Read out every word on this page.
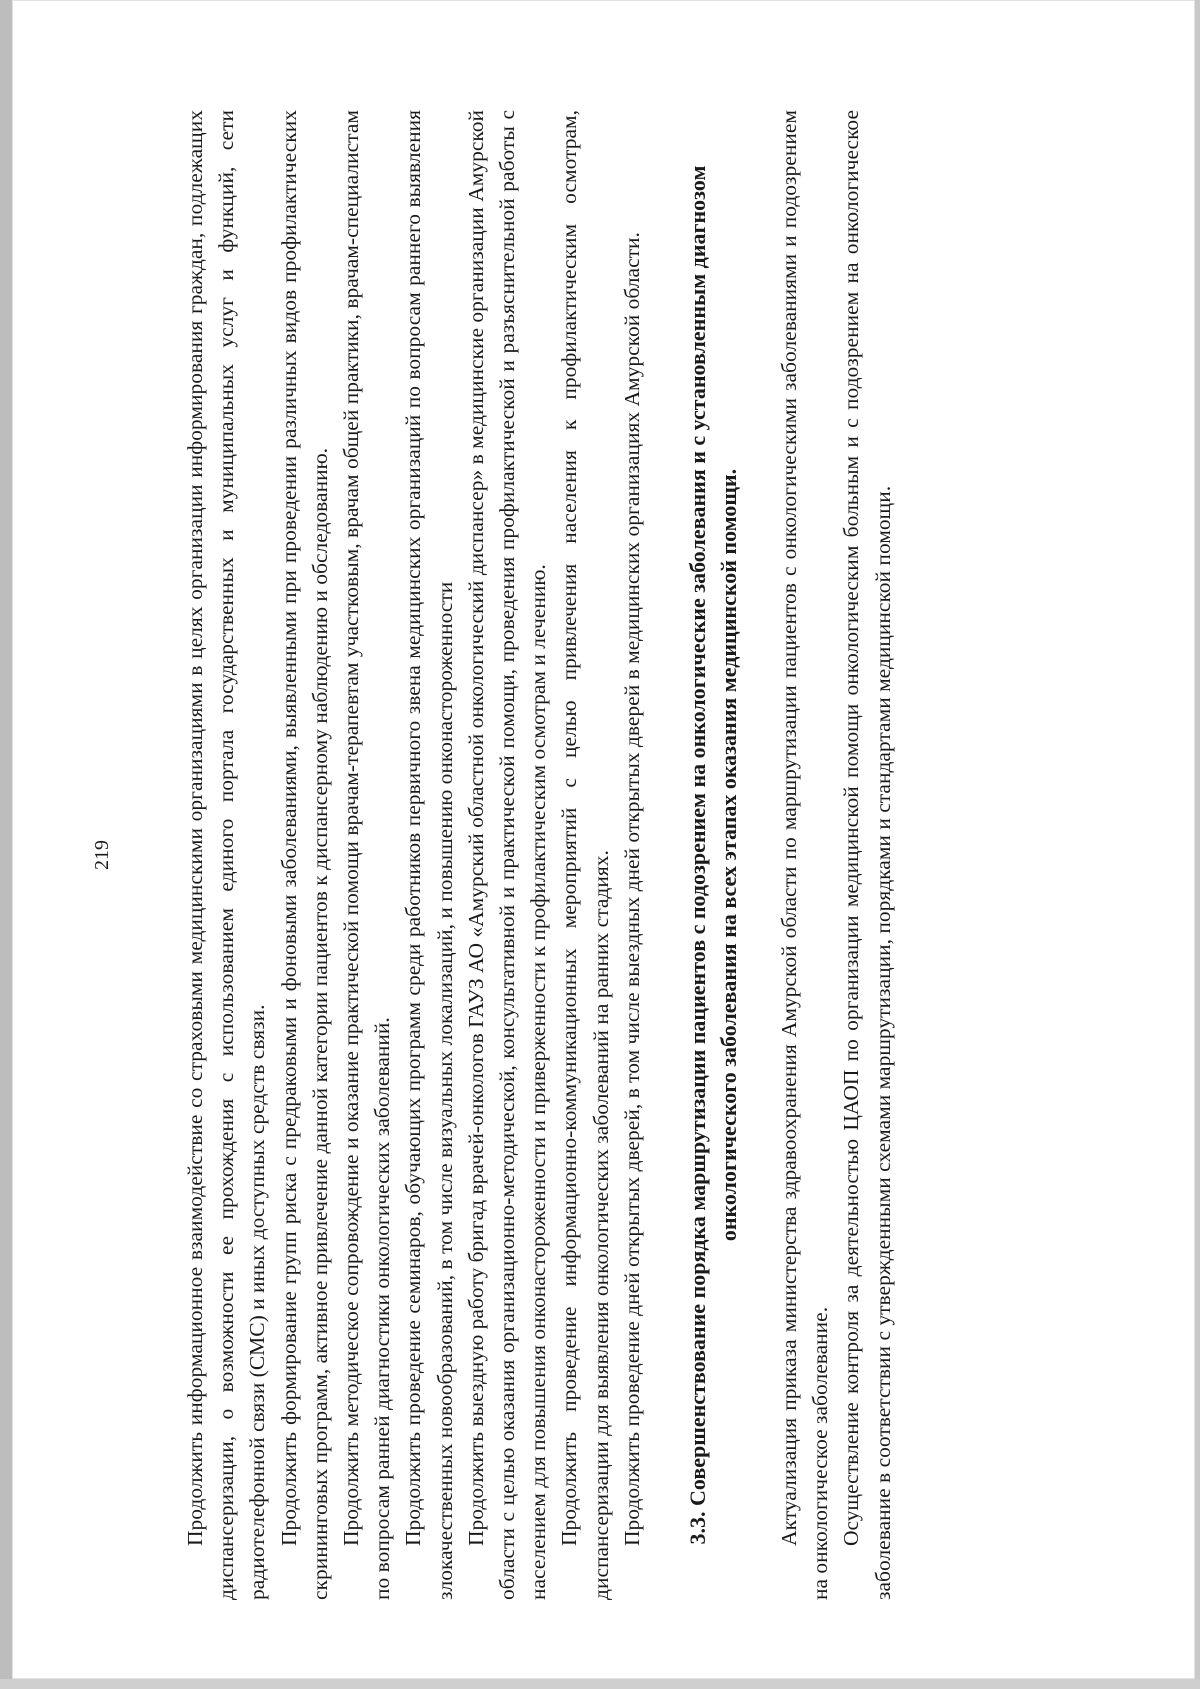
219	Продолжить информационное взаимодействие со страховыми медицинскими организациями в целях организации информирования граждан, подлежащих диспансеризации, о возможности ее прохождения с использованием единого портала государственных и муниципальных услуг и функций, сети радиотелефонной связи (СМС) и иных доступных средств связи. Продолжить формирование групп риска с предраковыми и фоновыми заболеваниями, выявленными при проведении различных видов профилактических скрининговых программ, активное привлечение данной категории пациентов к диспансерному наблюдению и обследованию. Продолжить методическое сопровождение и оказание практической помощи врачам-терапевтам участковым, врачам общей практики, врачам-специалистам по вопросам ранней диагностики онкологических заболеваний. Продолжить проведение семинаров, обучающих программ среди работников первичного звена медицинских организаций по вопросам раннего выявления злокачественных новообразований, в том числе визуальных локализаций, и повышению онконастороженности Продолжить выездную работу бригад врачей-онкологов ГАУЗ АО «Амурский областной онкологический диспансер» в медицинские организации Амурской области с целью оказания организационно-методической, консультативной и практической помощи, проведения профилактической и разъяснительной работы с населением для повышения онконастороженности и приверженности к профилактическим осмотрам и лечению. Продолжить проведение информационно-коммуникационных мероприятий с целью привлечения населения к профилактическим осмотрам, диспансеризации для выявления онкологических заболеваний на ранних стадиях. Продолжить проведение дней открытых дверей, в том числе выездных дней открытых дверей в медицинских организациях Амурской области. 3.3. Совершенствование порядка маршрутизации пациентов с подозрением на онкологические заболевания и с установленным диагнозом онкологического заболевания на всех этапах оказания медицинской помощи. Актуализация приказа министерства здравоохранения Амурской области по маршрутизации пациентов с онкологическими заболеваниями и подозрением на онкологическое заболевание. Осуществление контроля за деятельностью ЦАОП по организации медицинской помощи онкологическим больным и с подозрением на онкологическое заболевание в соответствии с утвержденными схемами маршрутизации, порядками и стандартами медицинской помощи.
